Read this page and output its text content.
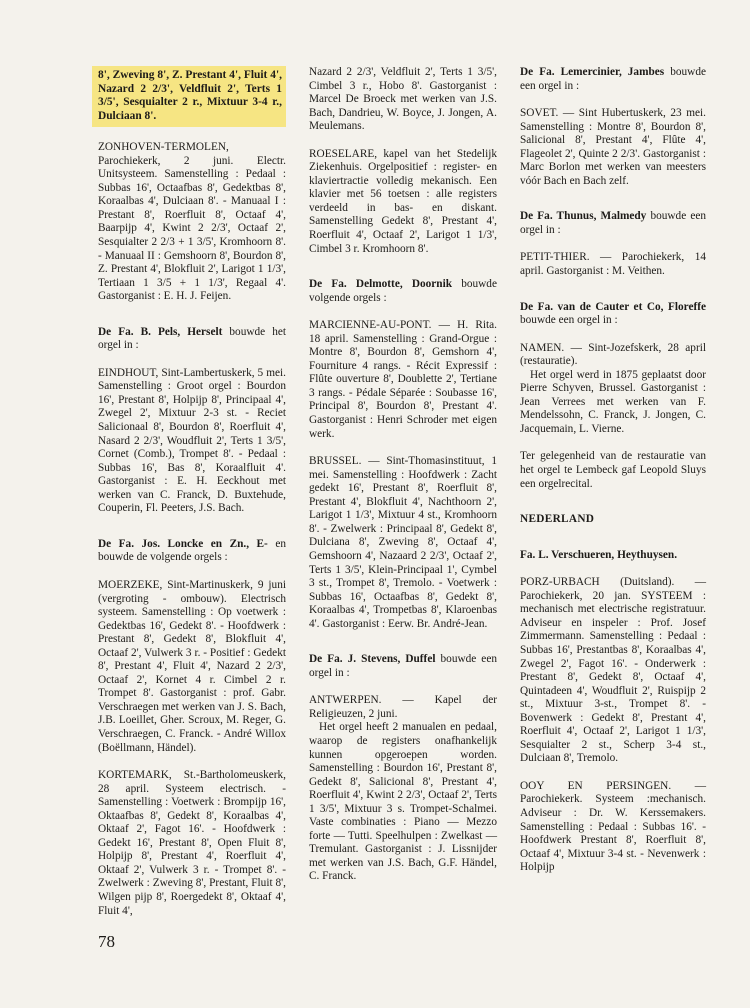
8', Zweving 8', Z. Prestant 4', Fluit 4', Nazard 2 2/3', Veldfluit 2', Terts 1 3/5', Sesquialter 2 r., Mixtuur 3-4 r., Dulciaan 8'.

ZONHOVEN-TERMOLEN, Parochiekerk, 2 juni. Electr. Unitsysteem. Samenstelling : Pedaal : Subbas 16', Octaafbas 8', Gedektbas 8', Koraalbas 4', Dulciaan 8'. - Manuaal I : Prestant 8', Roerfluit 8', Octaaf 4', Baarpijp 4', Kwint 2 2/3', Octaaf 2', Sesquialter 2 2/3 + 1 3/5', Kromhoorn 8'. - Manuaal II : Gemshoorn 8', Bourdon 8', Z. Prestant 4', Blokfluit 2', Larigot 1 1/3', Tertiaan 1 3/5 + 1 1/3', Regaal 4'. Gastorganist : E. H. J. Feijen.

De Fa. B. Pels, Herselt bouwde het orgel in :

EINDHOUT, Sint-Lambertuskerk, 5 mei. Samenstelling : Groot orgel : Bourdon 16', Prestant 8', Holpijp 8', Principaal 4', Zwegel 2', Mixtuur 2-3 st. - Reciet Salicionaal 8', Bourdon 8', Roerfluit 4', Nasard 2 2/3', Woudfluit 2', Terts 1 3/5', Cornet (Comb.), Trompet 8'. - Pedaal : Subbas 16', Bas 8', Koraalfluit 4'. Gastorganist : E. H. Eeckhout met werken van C. Franck, D. Buxtehude, Couperin, Fl. Peeters, J.S. Bach.

De Fa. Jos. Loncke en Zn., E- en bouwde de volgende orgels :

MOERZEKE, Sint-Martinuskerk, 9 juni (vergroting - ombouw). Electrisch systeem. Samenstelling : Op voetwerk : Gedektbas 16', Gedekt 8'. - Hoofdwerk : Prestant 8', Gedekt 8', Blokfluit 4', Octaaf 2', Vulwerk 3 r. - Positief : Gedekt 8', Prestant 4', Fluit 4', Nazard 2 2/3', Octaaf 2', Kornet 4 r. Cimbel 2 r. Trompet 8'. Gastorganist : prof. Gabr. Verschraegen met werken van J. S. Bach, J.B. Loeillet, Gher. Scroux, M. Reger, G. Verschraegen, C. Franck. - André Willox (Boëllmann, Händel).

KORTEMARK, St.-Bartholomeuskerk, 28 april. Systeem electrisch. - Samenstelling : Voetwerk : Brompijp 16', Oktaafbas 8', Gedekt 8', Koraalbas 4', Oktaaf 2', Fagot 16'. - Hoofdwerk : Gedekt 16', Prestant 8', Open Fluit 8', Holpijp 8', Prestant 4', Roerfluit 4', Oktaaf 2', Vulwerk 3 r. - Trompet 8'. - Zwelwerk : Zweving 8', Prestant, Fluit 8', Wilgen pijp 8', Roergedekt 8', Oktaaf 4', Fluit 4',

Nazard 2 2/3', Veldfluit 2', Terts 1 3/5', Cimbel 3 r., Hobo 8'. Gastorganist : Marcel De Broeck met werken van J.S. Bach, Dandrieu, W. Boyce, J. Jongen, A. Meulemans.

ROESELARE, kapel van het Stedelijk Ziekenhuis. Orgelpositief : register- en klaviertractie volledig mekanisch. Een klavier met 56 toetsen : alle registers verdeeld in bas- en diskant. Samenstelling Gedekt 8', Prestant 4', Roerfluit 4', Octaaf 2', Larigot 1 1/3', Cimbel 3 r. Kromhoorn 8'.

De Fa. Delmotte, Doornik bouwde volgende orgels :

MARCIENNE-AU-PONT. — H. Rita. 18 april. Samenstelling : Grand-Orgue : Montre 8', Bourdon 8', Gemshorn 4', Fourniture 4 rangs. - Récit Expressif : Flûte ouverture 8', Doublette 2', Tertiane 3 rangs. - Pédale Séparée : Soubasse 16', Principal 8', Bourdon 8', Prestant 4'. Gastorganist : Henri Schroder met eigen werk.

BRUSSEL. — Sint-Thomasinstituut, 1 mei. Samenstelling : Hoofdwerk : Zacht gedekt 16', Prestant 8', Roerfluit 8', Prestant 4', Blokfluit 4', Nachthoorn 2', Larigot 1 1/3', Mixtuur 4 st., Kromhoorn 8'. - Zwelwerk : Principaal 8', Gedekt 8', Dulciana 8', Zweving 8', Octaaf 4', Gemshoorn 4', Nazaard 2 2/3', Octaaf 2', Terts 1 3/5', Klein-Principaal 1', Cymbel 3 st., Trompet 8', Tremolo. - Voetwerk : Subbas 16', Octaafbas 8', Gedekt 8', Koraalbas 4', Trompetbas 8', Klaroenbas 4'. Gastorganist : Eerw. Br. André-Jean.

De Fa. J. Stevens, Duffel bouwde een orgel in :

ANTWERPEN. — Kapel der Religieuzen, 2 juni.

Het orgel heeft 2 manualen en pedaal, waarop de registers onafhankelijk kunnen opgeroepen worden. Samenstelling : Bourdon 16', Prestant 8', Gedekt 8', Salicional 8', Prestant 4', Roerfluit 4', Kwint 2 2/3', Octaaf 2', Terts 1 3/5', Mixtuur 3 s. Trompet-Schalmei. Vaste combinaties : Piano — Mezzo forte — Tutti. Speelhulpen : Zwelkast — Tremulant. Gastorganist : J. Lissnijder met werken van J.S. Bach, G.F. Händel, C. Franck.

De Fa. Lemercinier, Jambes bouwde een orgel in :

SOVET. — Sint Hubertuskerk, 23 mei. Samenstelling : Montre 8', Bourdon 8', Salicional 8', Prestant 4', Flûte 4', Flageolet 2', Quinte 2 2/3'. Gastorganist : Marc Borlon met werken van meesters vóór Bach en Bach zelf.

De Fa. Thunus, Malmedy bouwde een orgel in :

PETIT-THIER. — Parochiekerk, 14 april. Gastorganist : M. Veithen.

De Fa. van de Cauter et Co, Floreffe bouwde een orgel in :

NAMEN. — Sint-Jozefskerk, 28 april (restauratie).

Het orgel werd in 1875 geplaatst door Pierre Schyven, Brussel. Gastorganist : Jean Verrees met werken van F. Mendelssohn, C. Franck, J. Jongen, C. Jacquemain, L. Vierne.

Ter gelegenheid van de restauratie van het orgel te Lembeck gaf Leopold Sluys een orgelrecital.

NEDERLAND
Fa. L. Verschueren, Heythuysen.

PORZ-URBACH (Duitsland). — Parochiekerk, 20 jan. SYSTEEM : mechanisch met electrische registratuur. Adviseur en inspeler : Prof. Josef Zimmermann. Samenstelling : Pedaal : Subbas 16', Prestantbas 8', Koraalbas 4', Zwegel 2', Fagot 16'. - Onderwerk : Prestant 8', Gedekt 8', Octaaf 4', Quintadeen 4', Woudfluit 2', Ruispijp 2 st., Mixtuur 3-st., Trompet 8'. - Bovenwerk : Gedekt 8', Prestant 4', Roerfluit 4', Octaaf 2', Larigot 1 1/3', Sesquialter 2 st., Scherp 3-4 st., Dulciaan 8', Tremolo.

OOY EN PERSINGEN. — Parochiekerk. Systeem :mechanisch. Adviseur : Dr. W. Kerssemakers. Samenstelling : Pedaal : Subbas 16'. - Hoofdwerk Prestant 8', Roerfluit 8', Octaaf 4', Mixtuur 3-4 st. - Nevenwerk : Holpijp

78
